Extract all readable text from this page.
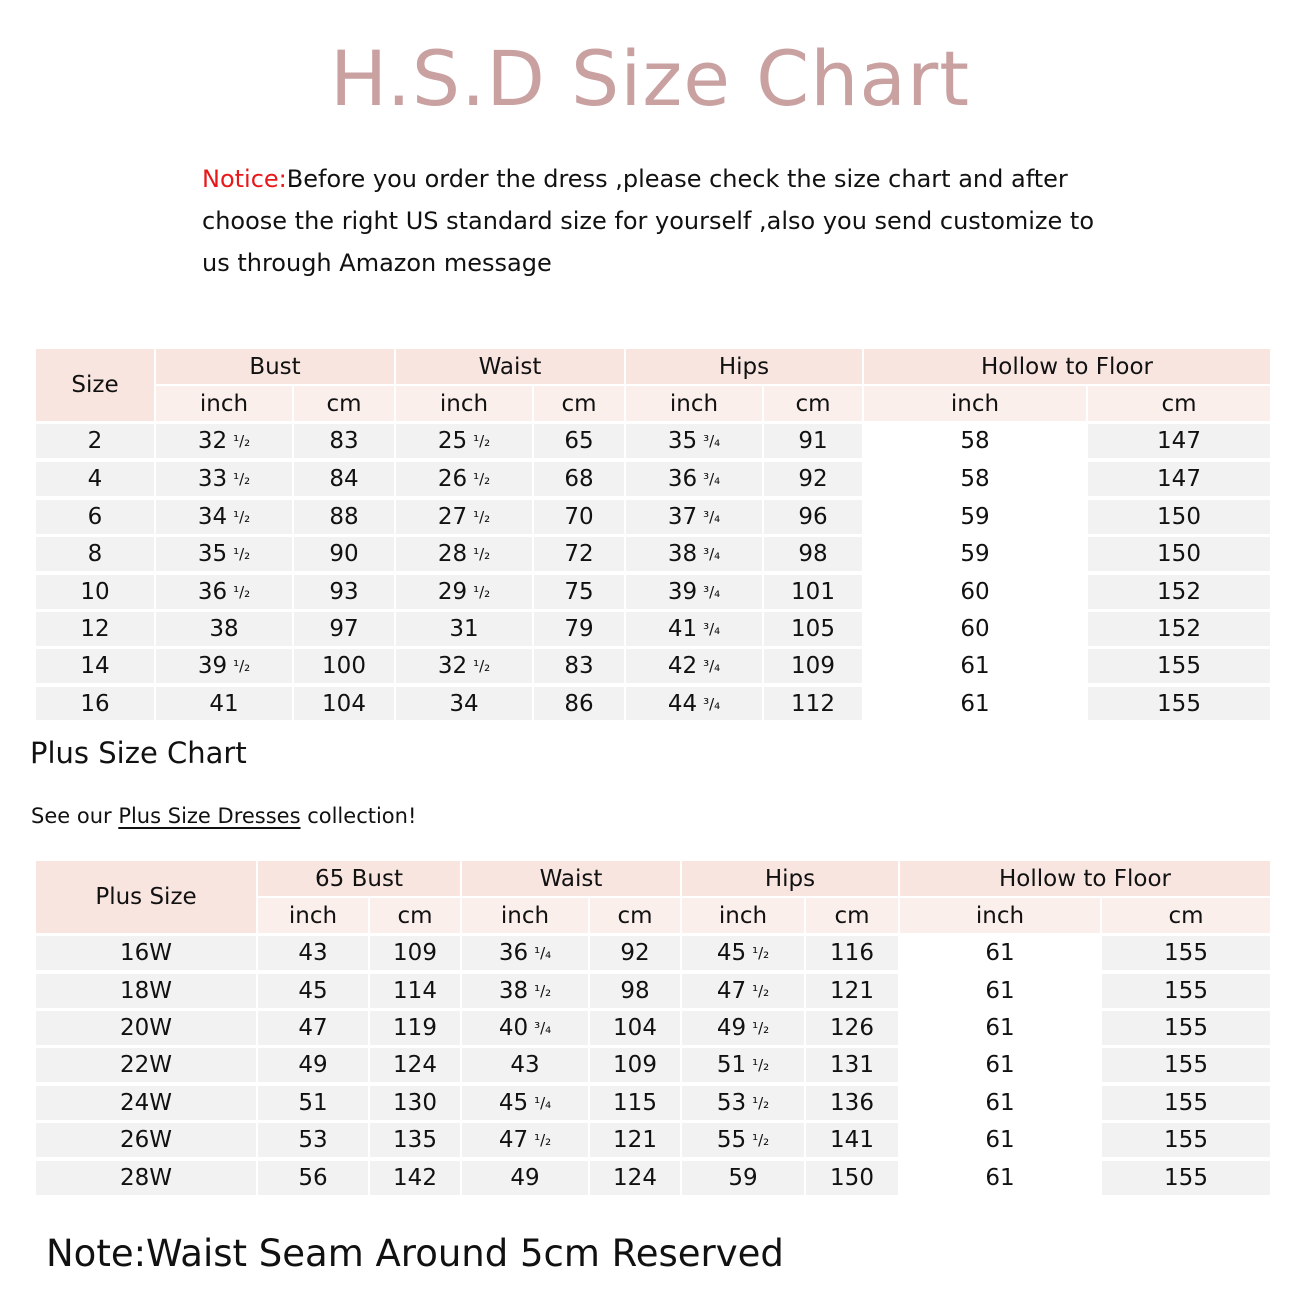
H.S.D Size Chart
Notice:Before you order the dress ,please check the size chart and after
choose the right US standard size for yourself ,also you send customize to
us through Amazon message
Size
Bust	Waist	Hips	Hollow to Floor
inch	cm	inch	cm	inch	cm	inch	cm
2	32 ¹/₂	83	25 ¹/₂	65	35 ³/₄	91	58	147
4	33 ¹/₂	84	26 ¹/₂	68	36 ³/₄	92	58	147
6	34 ¹/₂	88	27 ¹/₂	70	37 ³/₄	96	59	150
8	35 ¹/₂	90	28 ¹/₂	72	38 ³/₄	98	59	150
10	36 ¹/₂	93	29 ¹/₂	75	39 ³/₄	101	60	152
12	38	97	31	79	41 ³/₄	105	60	152
14	39 ¹/₂	100	32 ¹/₂	83	42 ³/₄	109	61	155
16	41	104	34	86	44 ³/₄	112	61	155
Plus Size Chart
See our Plus Size Dresses collection!
Plus Size
65 Bust	Waist	Hips	Hollow to Floor
inch	cm	inch	cm	inch	cm	inch	cm
16W	43	109	36 ¹/₄	92	45 ¹/₂	116	61	155
18W	45	114	38 ¹/₂	98	47 ¹/₂	121	61	155
20W	47	119	40 ³/₄	104	49 ¹/₂	126	61	155
22W	49	124	43	109	51 ¹/₂	131	61	155
24W	51	130	45 ¹/₄	115	53 ¹/₂	136	61	155
26W	53	135	47 ¹/₂	121	55 ¹/₂	141	61	155
28W	56	142	49	124	59	150	61	155
Note:Waist Seam Around 5cm Reserved
